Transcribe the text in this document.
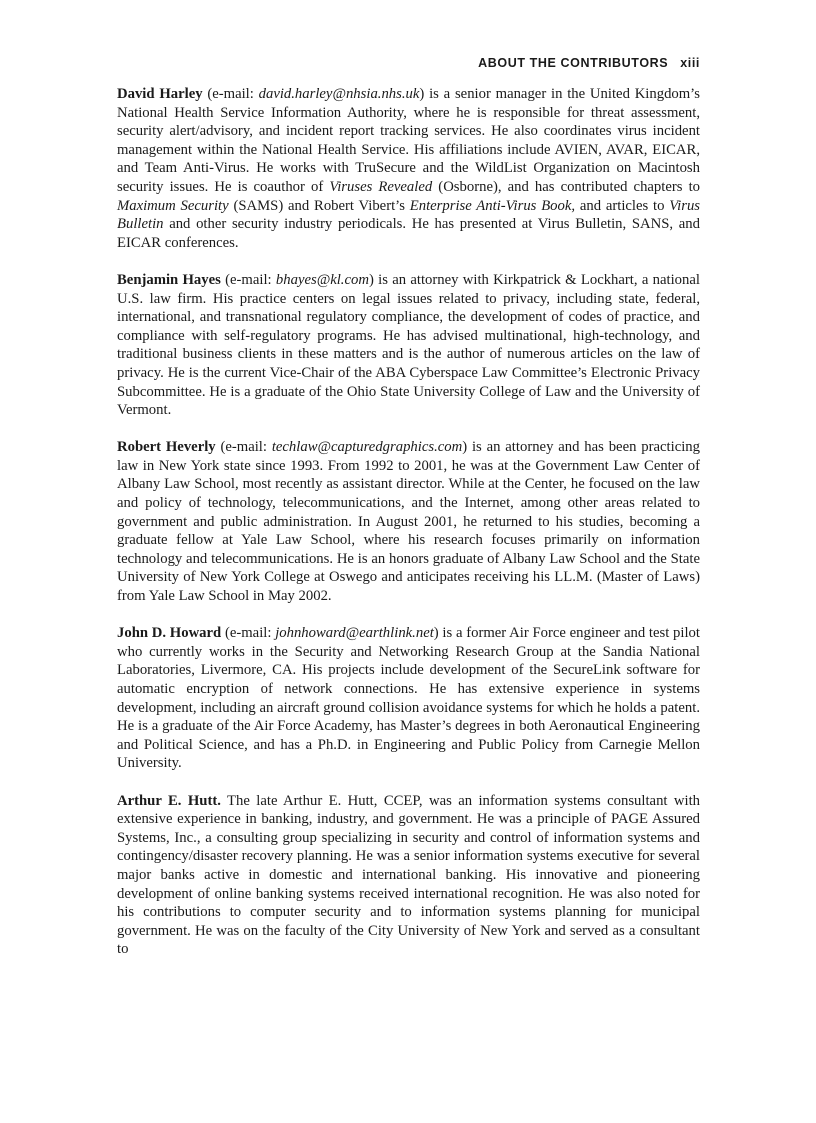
ABOUT THE CONTRIBUTORS xiii

David Harley (e-mail: david.harley@nhsia.nhs.uk) is a senior manager in the United Kingdom’s National Health Service Information Authority, where he is responsible for threat assessment, security alert/advisory, and incident report tracking services. He also coordinates virus incident management within the National Health Service. His affiliations include AVIEN, AVAR, EICAR, and Team Anti-Virus. He works with TruSecure and the WildList Organization on Macintosh security issues. He is coauthor of Viruses Revealed (Osborne), and has contributed chapters to Maximum Security (SAMS) and Robert Vibert’s Enterprise Anti-Virus Book, and articles to Virus Bulletin and other security industry periodicals. He has presented at Virus Bulletin, SANS, and EICAR conferences.

Benjamin Hayes (e-mail: bhayes@kl.com) is an attorney with Kirkpatrick & Lockhart, a national U.S. law firm. His practice centers on legal issues related to privacy, including state, federal, international, and transnational regulatory compliance, the development of codes of practice, and compliance with self-regulatory programs. He has advised multinational, high-technology, and traditional business clients in these matters and is the author of numerous articles on the law of privacy. He is the current Vice-Chair of the ABA Cyberspace Law Committee’s Electronic Privacy Subcommittee. He is a graduate of the Ohio State University College of Law and the University of Vermont.

Robert Heverly (e-mail: techlaw@capturedgraphics.com) is an attorney and has been practicing law in New York state since 1993. From 1992 to 2001, he was at the Government Law Center of Albany Law School, most recently as assistant director. While at the Center, he focused on the law and policy of technology, telecommunications, and the Internet, among other areas related to government and public administration. In August 2001, he returned to his studies, becoming a graduate fellow at Yale Law School, where his research focuses primarily on information technology and telecommunications. He is an honors graduate of Albany Law School and the State University of New York College at Oswego and anticipates receiving his LL.M. (Master of Laws) from Yale Law School in May 2002.

John D. Howard (e-mail: johnhoward@earthlink.net) is a former Air Force engineer and test pilot who currently works in the Security and Networking Research Group at the Sandia National Laboratories, Livermore, CA. His projects include development of the SecureLink software for automatic encryption of network connections. He has extensive experience in systems development, including an aircraft ground collision avoidance systems for which he holds a patent. He is a graduate of the Air Force Academy, has Master’s degrees in both Aeronautical Engineering and Political Science, and has a Ph.D. in Engineering and Public Policy from Carnegie Mellon University.

Arthur E. Hutt. The late Arthur E. Hutt, CCEP, was an information systems consultant with extensive experience in banking, industry, and government. He was a principle of PAGE Assured Systems, Inc., a consulting group specializing in security and control of information systems and contingency/disaster recovery planning. He was a senior information systems executive for several major banks active in domestic and international banking. His innovative and pioneering development of online banking systems received international recognition. He was also noted for his contributions to computer security and to information systems planning for municipal government. He was on the faculty of the City University of New York and served as a consultant to
